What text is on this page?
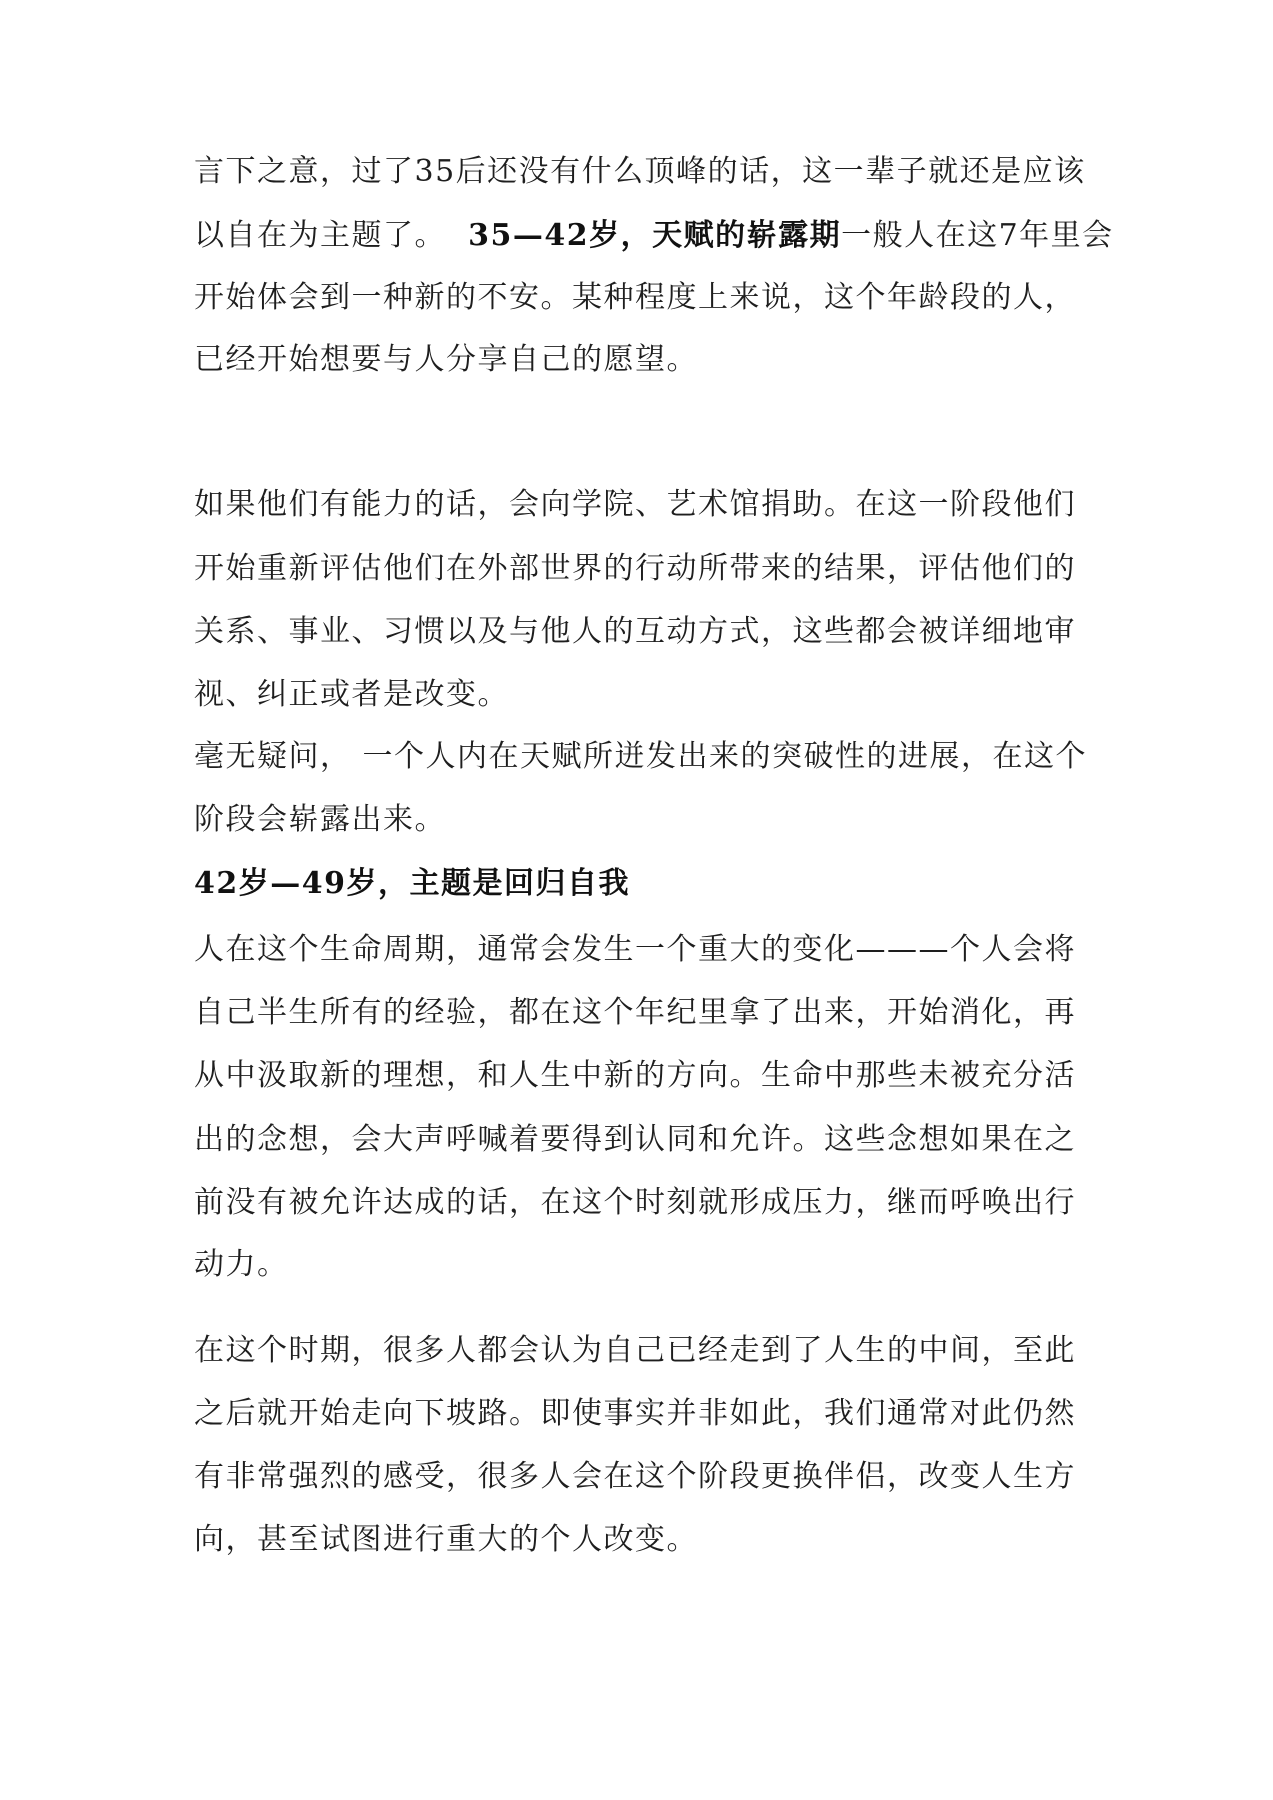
言下之意，过了35后还没有什么顶峰的话，这一辈子就还是应该

以自在为主题了。 35—42岁，天赋的崭露期一般人在这7年里会

开始体会到一种新的不安。某种程度上来说，这个年龄段的人，

已经开始想要与人分享自己的愿望。

如果他们有能力的话，会向学院、艺术馆捐助。在这一阶段他们

开始重新评估他们在外部世界的行动所带来的结果，评估他们的

关系、事业、习惯以及与他人的互动方式，这些都会被详细地审

视、纠正或者是改变。

毫无疑问， 一个人内在天赋所迸发出来的突破性的进展，在这个

阶段会崭露出来。

42岁—49岁，主题是回归自我

人在这个生命周期，通常会发生一个重大的变化———个人会将

自己半生所有的经验，都在这个年纪里拿了出来，开始消化，再

从中汲取新的理想，和人生中新的方向。生命中那些未被充分活

出的念想，会大声呼喊着要得到认同和允许。这些念想如果在之

前没有被允许达成的话，在这个时刻就形成压力，继而呼唤出行

动力。

在这个时期，很多人都会认为自己已经走到了人生的中间，至此

之后就开始走向下坡路。即使事实并非如此，我们通常对此仍然

有非常强烈的感受，很多人会在这个阶段更换伴侣，改变人生方

向，甚至试图进行重大的个人改变。
